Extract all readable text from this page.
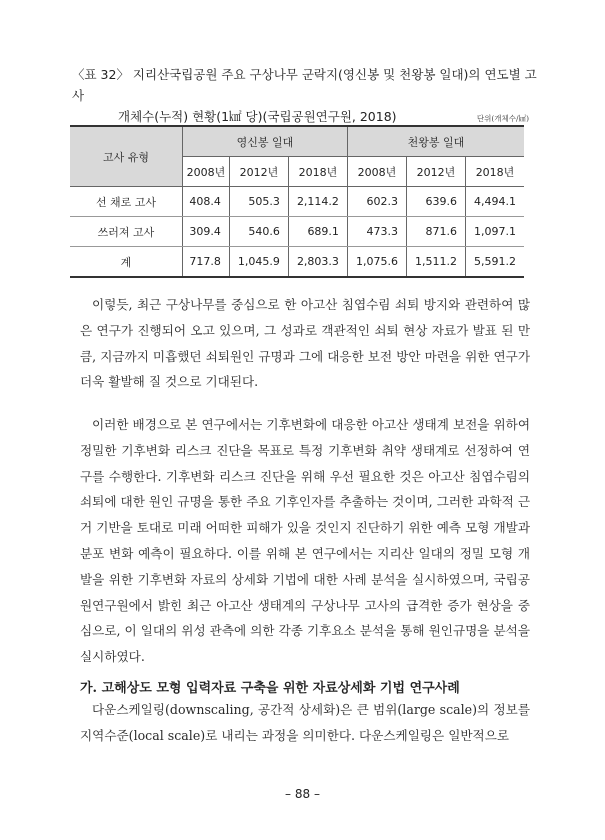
〈표 32〉 지리산국립공원 주요 구상나무 군락지(영신봉 및 천왕봉 일대)의 연도별 고사
개체수(누적) 현황(1㎢ 당)(국립공원연구원, 2018)	단위(개체수/㎢)
고사 유형	영신봉 일대			천왕봉 일대		
	2008년	2012년	2018년	2008년	2012년	2018년
선 채로 고사	408.4	505.3	2,114.2	602.3	639.6	4,494.1
쓰러져 고사	309.4	540.6	689.1	473.3	871.6	1,097.1
계	717.8	1,045.9	2,803.3	1,075.6	1,511.2	5,591.2

이렇듯, 최근 구상나무를 중심으로 한 아고산 침엽수림 쇠퇴 방지와 관련하여 많은 연구가 진행되어 오고 있으며, 그 성과로 객관적인 쇠퇴 현상 자료가 발표 된 만큼, 지금까지 미흡했던 쇠퇴원인 규명과 그에 대응한 보전 방안 마련을 위한 연구가 더욱 활발해 질 것으로 기대된다.

이러한 배경으로 본 연구에서는 기후변화에 대응한 아고산 생태계 보전을 위하여 정밀한 기후변화 리스크 진단을 목표로 특정 기후변화 취약 생태계로 선정하여 연구를 수행한다. 기후변화 리스크 진단을 위해 우선 필요한 것은 아고산 침엽수림의 쇠퇴에 대한 원인 규명을 통한 주요 기후인자를 추출하는 것이며, 그러한 과학적 근거 기반을 토대로 미래 어떠한 피해가 있을 것인지 진단하기 위한 예측 모형 개발과 분포 변화 예측이 필요하다. 이를 위해 본 연구에서는 지리산 일대의 정밀 모형 개발을 위한 기후변화 자료의 상세화 기법에 대한 사례 분석을 실시하였으며, 국립공원연구원에서 밝힌 최근 아고산 생태계의 구상나무 고사의 급격한 증가 현상을 중심으로, 이 일대의 위성 관측에 의한 각종 기후요소 분석을 통해 원인규명을 분석을 실시하였다.

가. 고해상도 모형 입력자료 구축을 위한 자료상세화 기법 연구사례

다운스케일링(downscaling, 공간적 상세화)은 큰 범위(large scale)의 정보를 지역수준(local scale)로 내리는 과정을 의미한다. 다운스케일링은 일반적으로

– 88 –
